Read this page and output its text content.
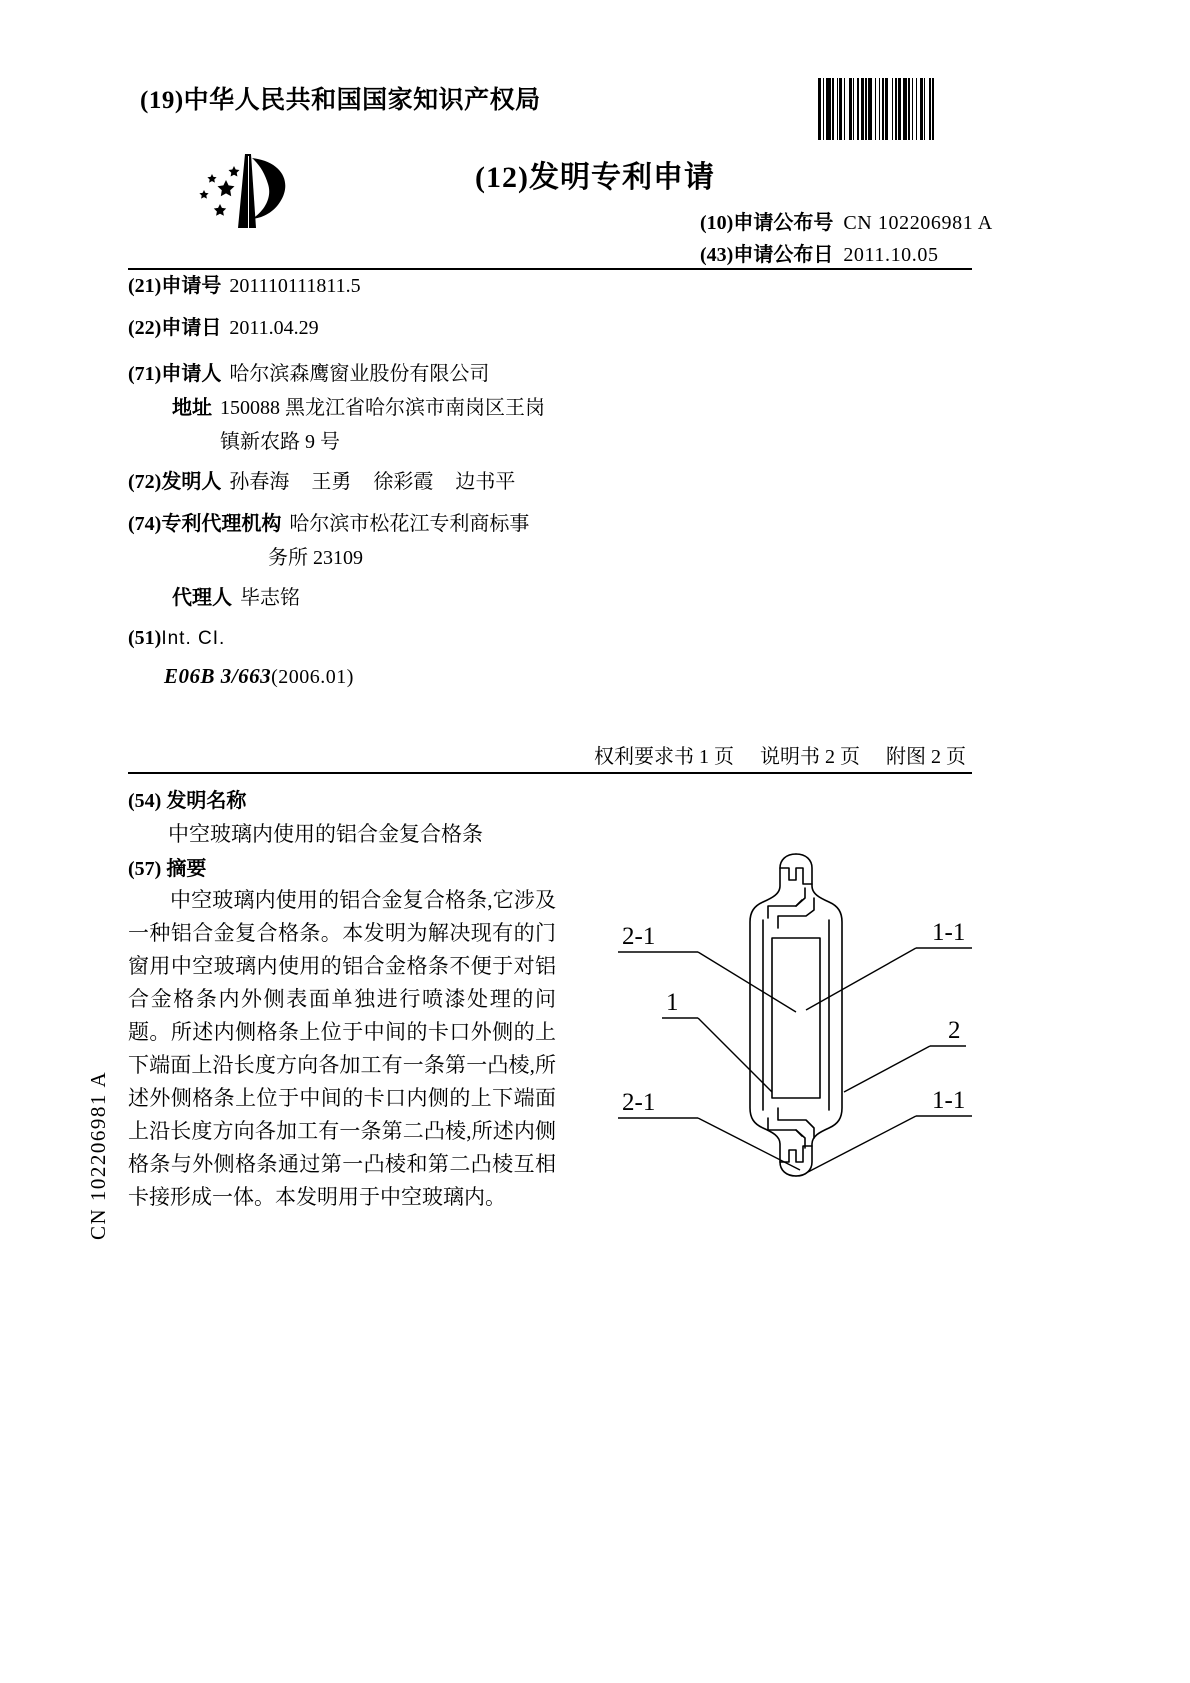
(19)中华人民共和国国家知识产权局
(12)发明专利申请
(10)申请公布号 CN 102206981 A
(43)申请公布日 2011.10.05
(21)申请号 201110111811.5
(22)申请日 2011.04.29
(71)申请人 哈尔滨森鹰窗业股份有限公司
地址 150088 黑龙江省哈尔滨市南岗区王岗
镇新农路 9 号
(72)发明人 孙春海 王勇 徐彩霞 边书平
(74)专利代理机构 哈尔滨市松花江专利商标事
务所 23109
代理人 毕志铭
(51)Int. CI.
E06B 3/663(2006.01)
权利要求书 1 页 说明书 2 页 附图 2 页
(54) 发明名称
中空玻璃内使用的铝合金复合格条
(57) 摘要
中空玻璃内使用的铝合金复合格条,它涉及一种铝合金复合格条。本发明为解决现有的门窗用中空玻璃内使用的铝合金格条不便于对铝合金格条内外侧表面单独进行喷漆处理的问题。所述内侧格条上位于中间的卡口外侧的上下端面上沿长度方向各加工有一条第一凸棱,所述外侧格条上位于中间的卡口内侧的上下端面上沿长度方向各加工有一条第二凸棱,所述内侧格条与外侧格条通过第一凸棱和第二凸棱互相卡接形成一体。本发明用于中空玻璃内。
2-1	1-1
1
2
2-1	1-1
CN 102206981 A
